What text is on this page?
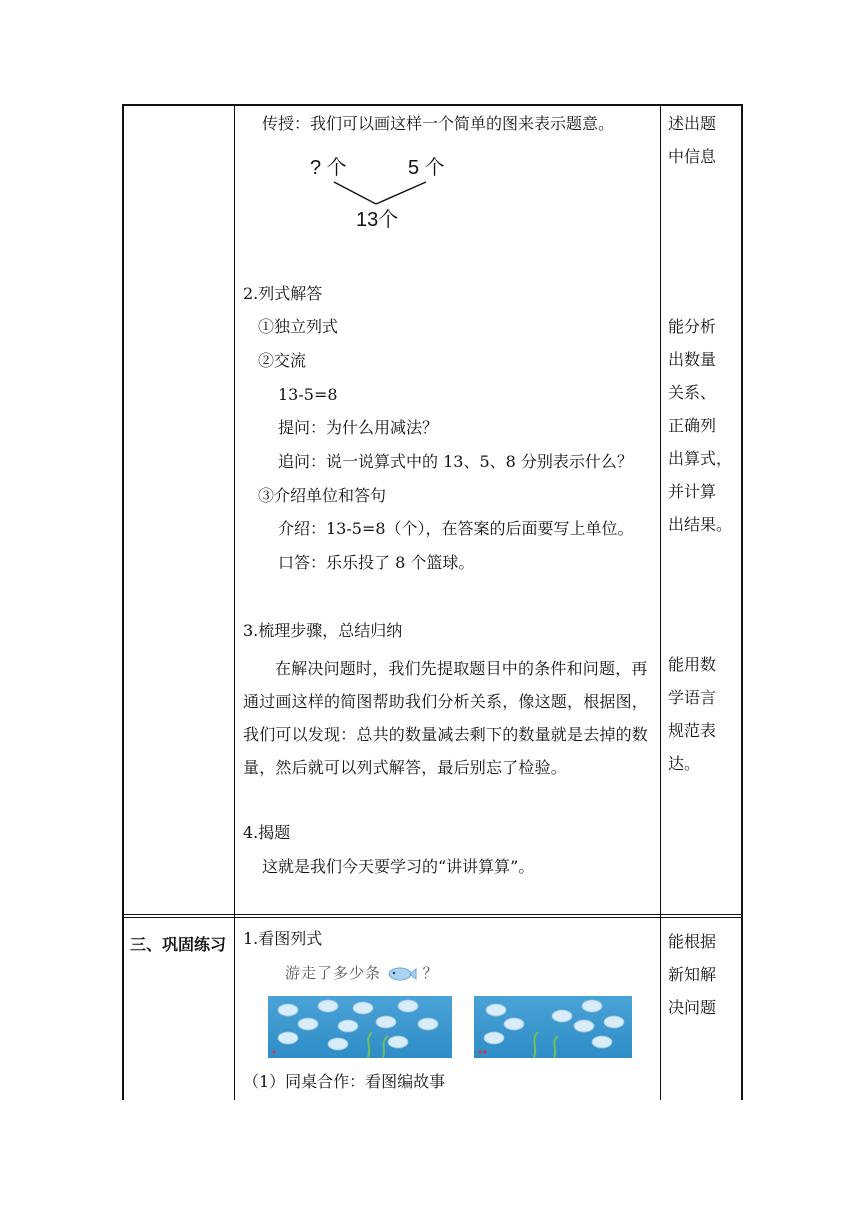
传授：我们可以画这样一个简单的图来表示题意。
? 个	5 个
13个
2.列式解答
①独立列式
②交流
13-5=8
提问：为什么用减法？
追问：说一说算式中的 13、5、8 分别表示什么？
③介绍单位和答句
介绍：13-5=8（个），在答案的后面要写上单位。
口答：乐乐投了 8 个篮球。
3.梳理步骤，总结归纳
在解决问题时，我们先提取题目中的条件和问题，再通过画这样的简图帮助我们分析关系，像这题，根据图，我们可以发现：总共的数量减去剩下的数量就是去掉的数量，然后就可以列式解答，最后别忘了检验。
4.揭题
这就是我们今天要学习的“讲讲算算”。
述出题
中信息
能分析
出数量
关系、
正确列
出算式，
并计算
出结果。
能用数
学语言
规范表
达。
三、巩固练习 1.看图列式
游走了多少条	？
（1）同桌合作：看图编故事
能根据
新知解
决问题
